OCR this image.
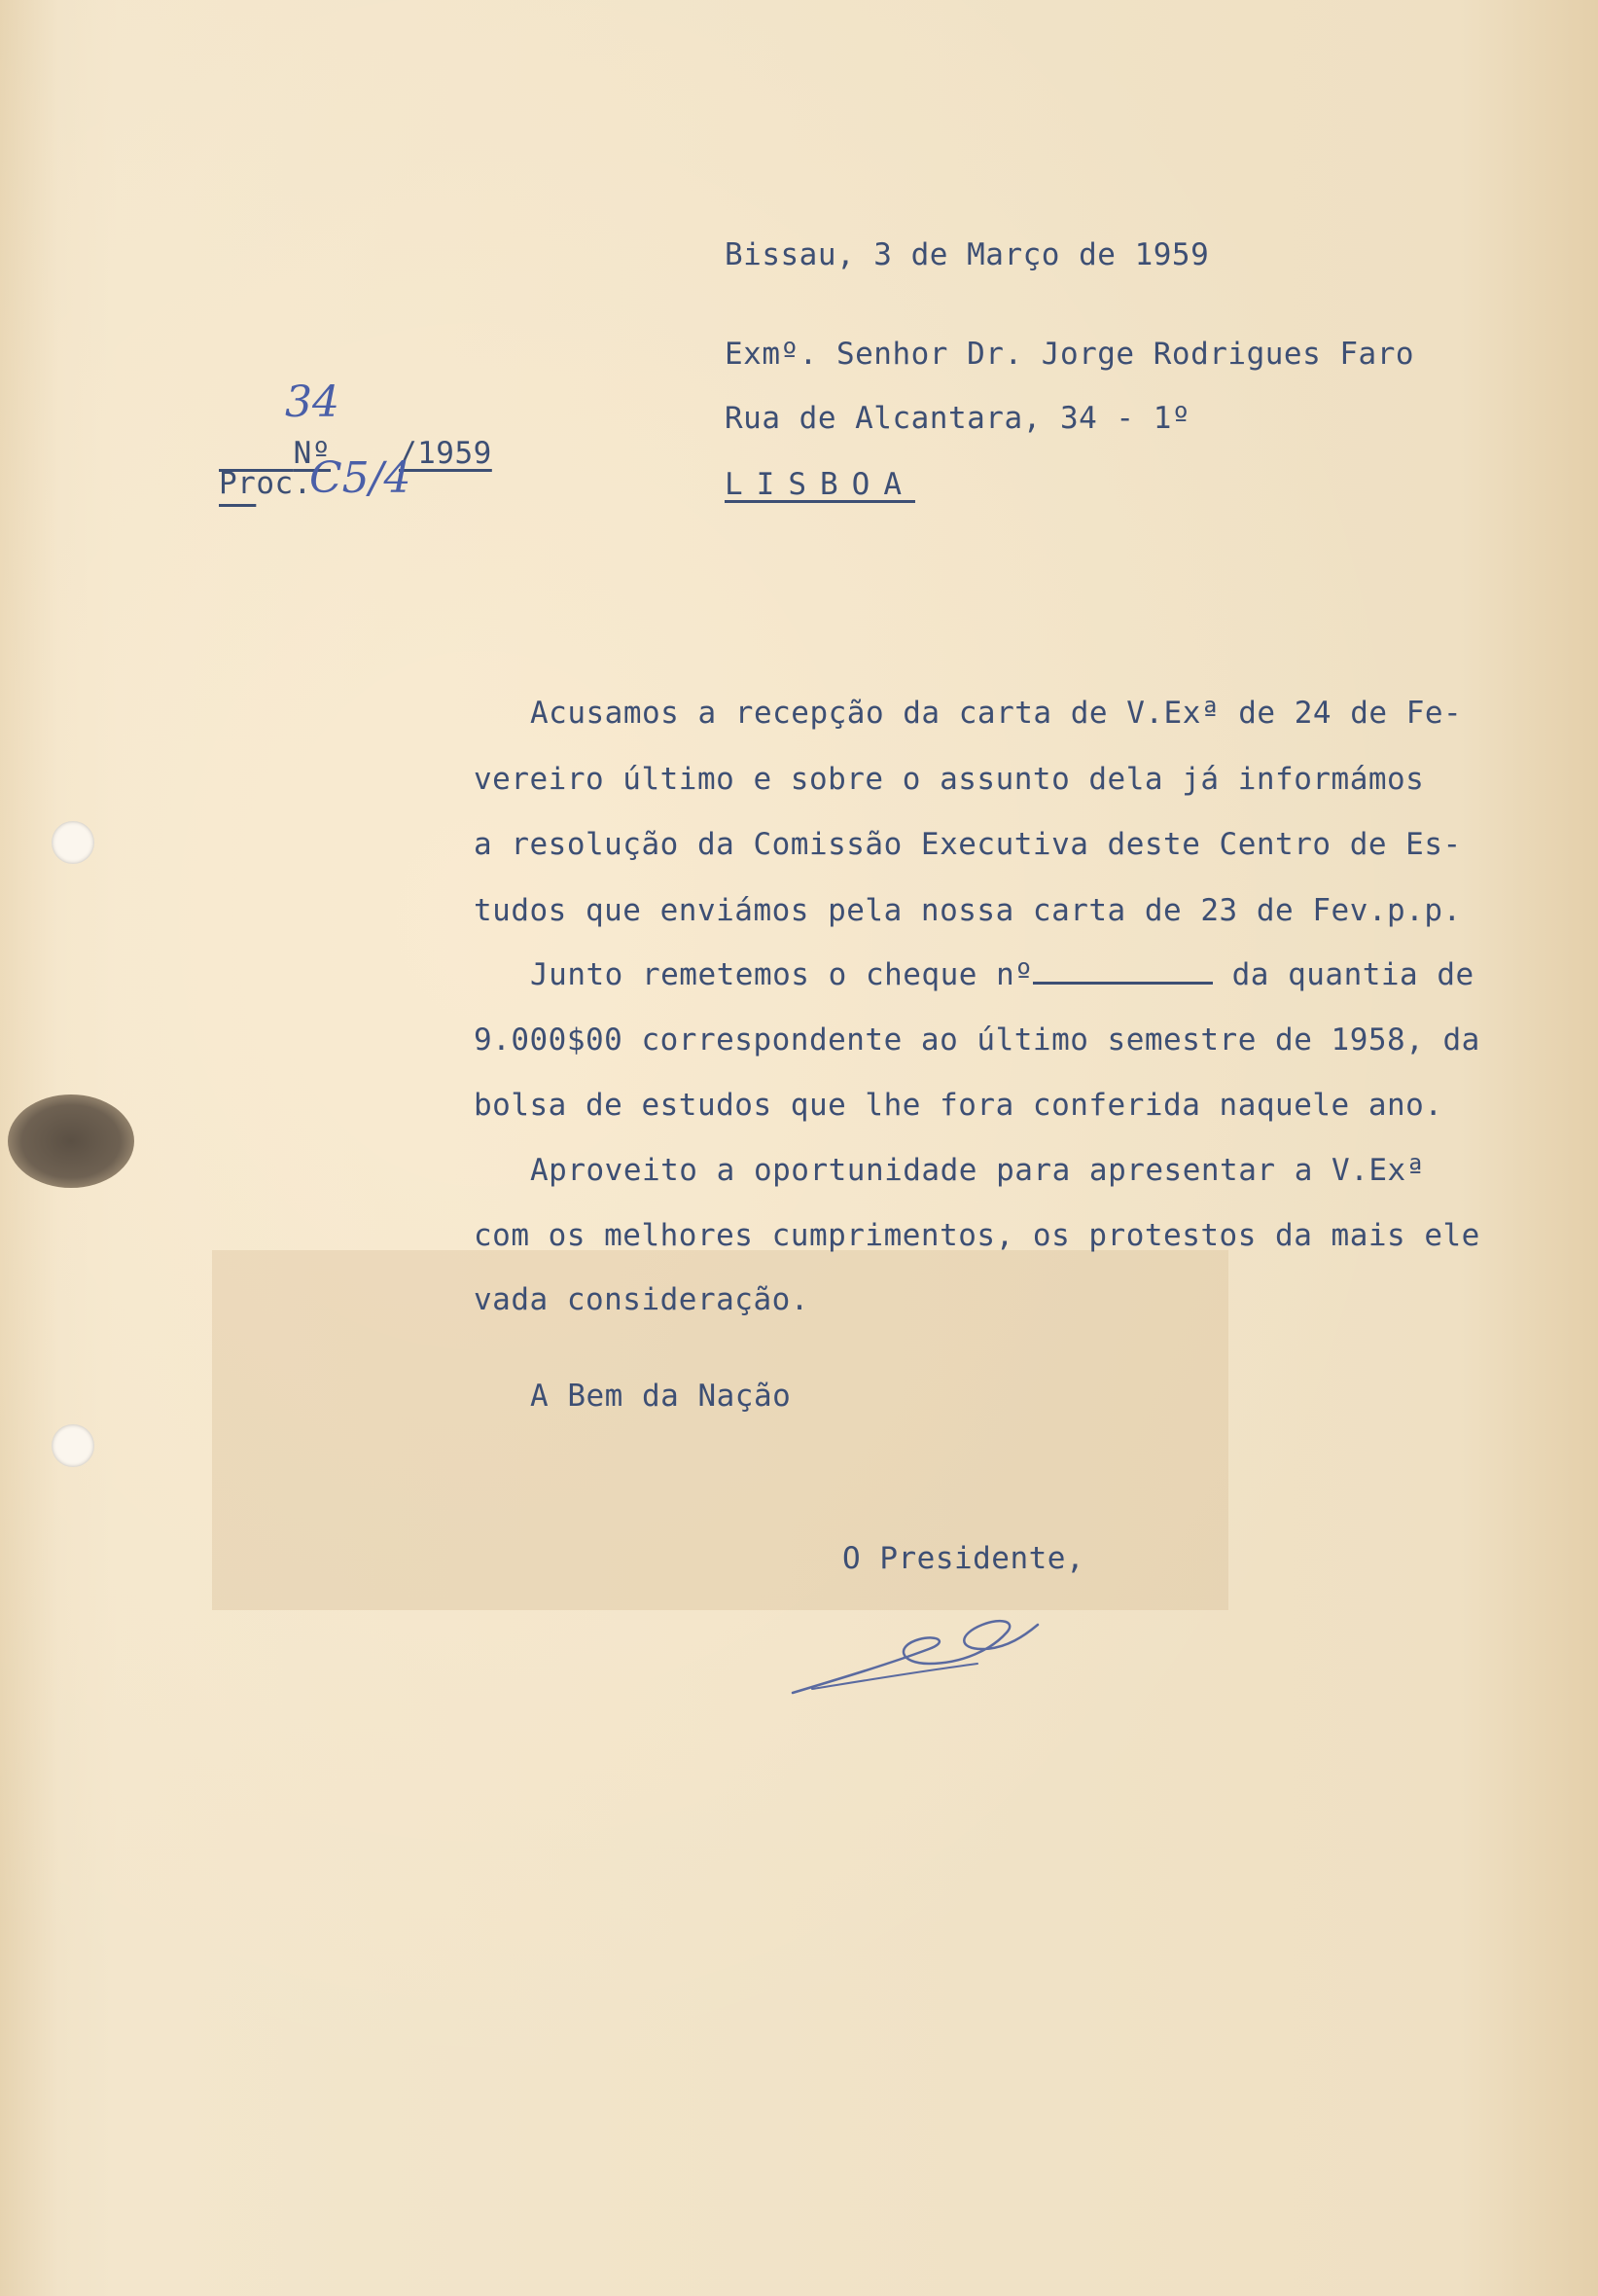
Bissau, 3 de Março de 1959
Exmº. Senhor Dr. Jorge Rodrigues Faro
Rua de Alcantara, 34 - 1º
LISBOA

Nº /1959

34
Proc.
C5/4
Acusamos a recepção da carta de V.Exª de 24 de Fe-
vereiro último e sobre o assunto dela já informámos
a resolução da Comissão Executiva deste Centro de Es-
tudos que enviámos pela nossa carta de 23 de Fev.p.p.
Junto remetemos o cheque nº	da quantia de
9.000$00 correspondente ao último semestre de 1958, da
bolsa de estudos que lhe fora conferida naquele ano.
Aproveito a oportunidade para apresentar a V.Exª
com os melhores cumprimentos, os protestos da mais ele
vada consideração.
A Bem da Nação
O Presidente,
